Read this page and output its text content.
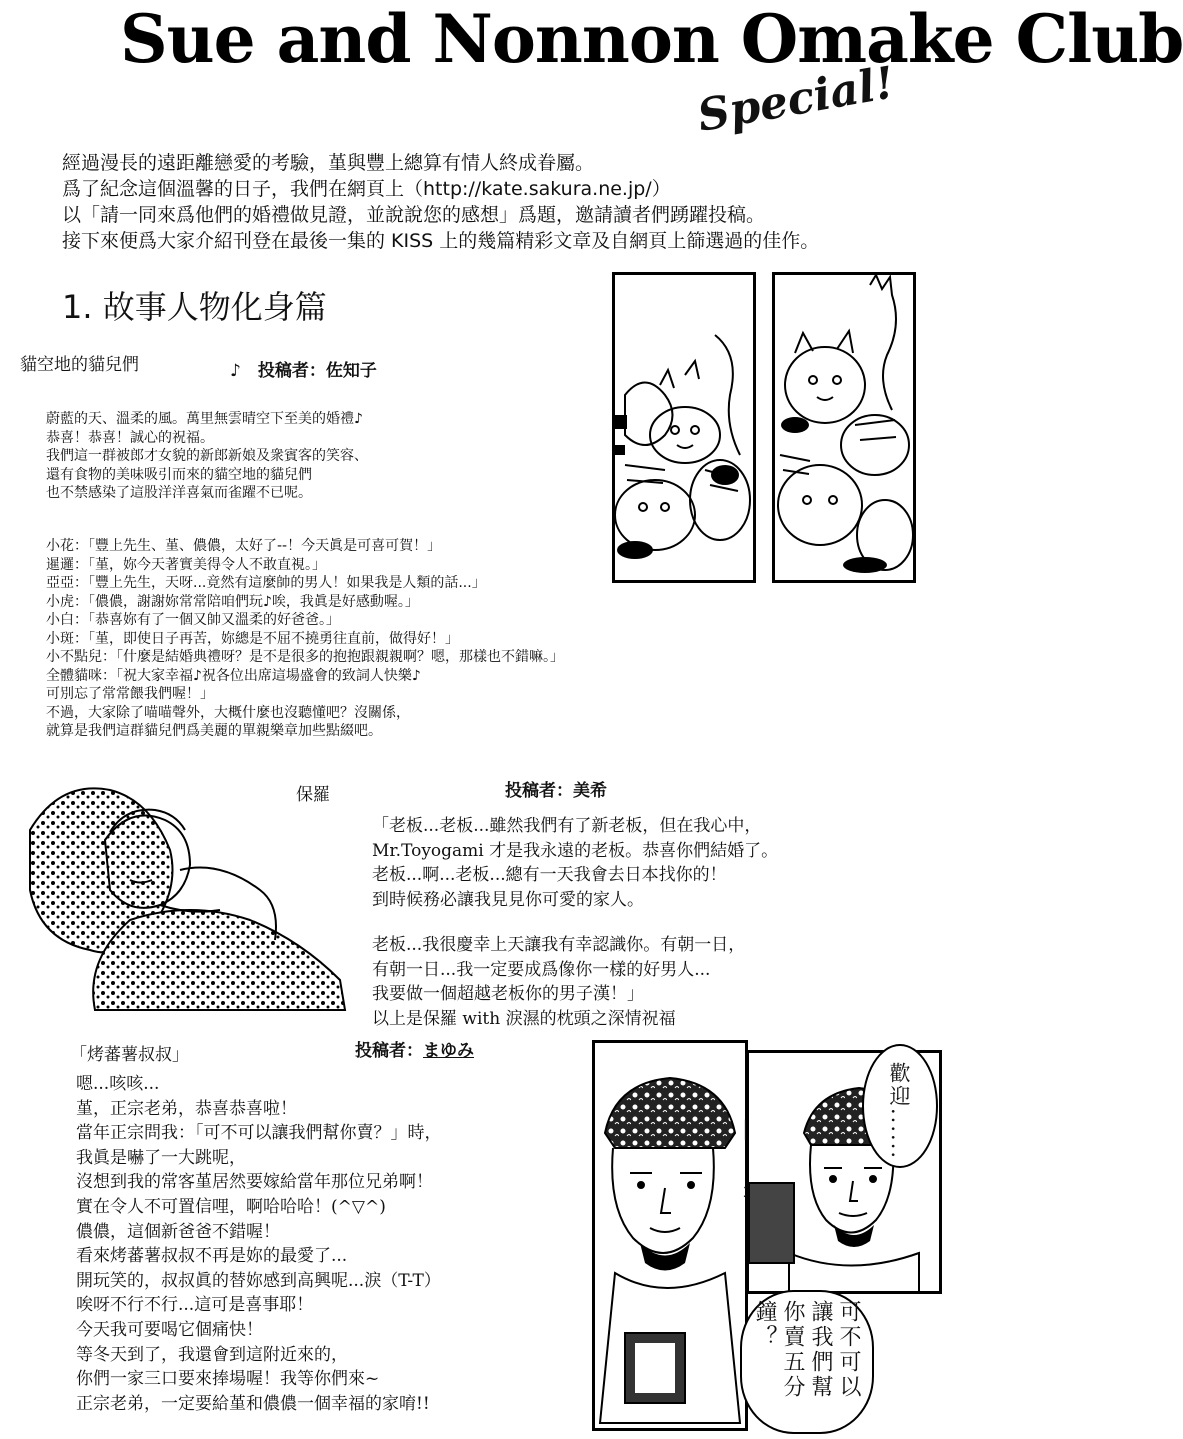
Sue and Nonnon Omake Club
Special!
經過漫長的遠距離戀愛的考驗，堇與豐上總算有情人終成眷屬。
爲了紀念這個溫馨的日子，我們在網頁上（http://kate.sakura.ne.jp/）
以「請一同來爲他們的婚禮做見證，並說說您的感想」爲題，邀請讀者們踴躍投稿。
接下來便爲大家介紹刊登在最後一集的 KISS 上的幾篇精彩文章及自網頁上篩選過的佳作。
1. 故事人物化身篇
貓空地的貓兒們	♪　投稿者：佐知子
蔚藍的天、溫柔的風。萬里無雲晴空下至美的婚禮♪
恭喜！恭喜！誠心的祝福。
我們這一群被郎才女貌的新郎新娘及衆賓客的笑容、
還有食物的美味吸引而來的貓空地的貓兒們
也不禁感染了這股洋洋喜氣而雀躍不已呢。
小花：「豐上先生、堇、儂儂，太好了--！今天眞是可喜可賀！」
暹邏：「堇，妳今天著實美得令人不敢直視。」
亞亞：「豐上先生，天呀...竟然有這麼帥的男人！如果我是人類的話...」
小虎：「儂儂，謝謝妳常常陪咱們玩♪唉，我眞是好感動喔。」
小白：「恭喜妳有了一個又帥又溫柔的好爸爸。」
小斑：「堇，即使日子再苦，妳總是不屈不撓勇往直前，做得好！」
小不點兒：「什麼是結婚典禮呀？是不是很多的抱抱跟親親啊？嗯，那樣也不錯嘛。」
全體貓咪：「祝大家幸福♪祝各位出席這場盛會的致詞人快樂♪
可別忘了常常餵我們喔！」
不過，大家除了喵喵聲外，大概什麼也沒聽懂吧？沒關係，
就算是我們這群貓兒們爲美麗的單親樂章加些點綴吧。
保羅	投稿者：美希
「老板...老板...雖然我們有了新老板，但在我心中，
Mr.Toyogami 才是我永遠的老板。恭喜你們結婚了。
老板...啊...老板...總有一天我會去日本找你的！
到時候務必讓我見見你可愛的家人。
老板...我很慶幸上天讓我有幸認識你。有朝一日，
有朝一日...我一定要成爲像你一樣的好男人...
我要做一個超越老板你的男子漢！」
以上是保羅 with 淚濕的枕頭之深情祝福
「烤蕃薯叔叔」	投稿者：まゆみ
嗯...咳咳...
堇，正宗老弟，恭喜恭喜啦！
當年正宗問我：「可不可以讓我們幫你賣？」時，
我眞是嚇了一大跳呢，
沒想到我的常客堇居然要嫁給當年那位兄弟啊！
實在令人不可置信哩，啊哈哈哈！(^▽^)
儂儂，這個新爸爸不錯喔！
看來烤蕃薯叔叔不再是妳的最愛了...
開玩笑的，叔叔眞的替妳感到高興呢...淚（T-T）
唉呀不行不行...這可是喜事耶！
今天我可要喝它個痛快！
等冬天到了，我還會到這附近來的，
你們一家三口要來捧場喔！我等你們來~
正宗老弟，一定要給堇和儂儂一個幸福的家唷!!
歡迎......
可不可以
讓我們幫
你賣五分
鐘？
